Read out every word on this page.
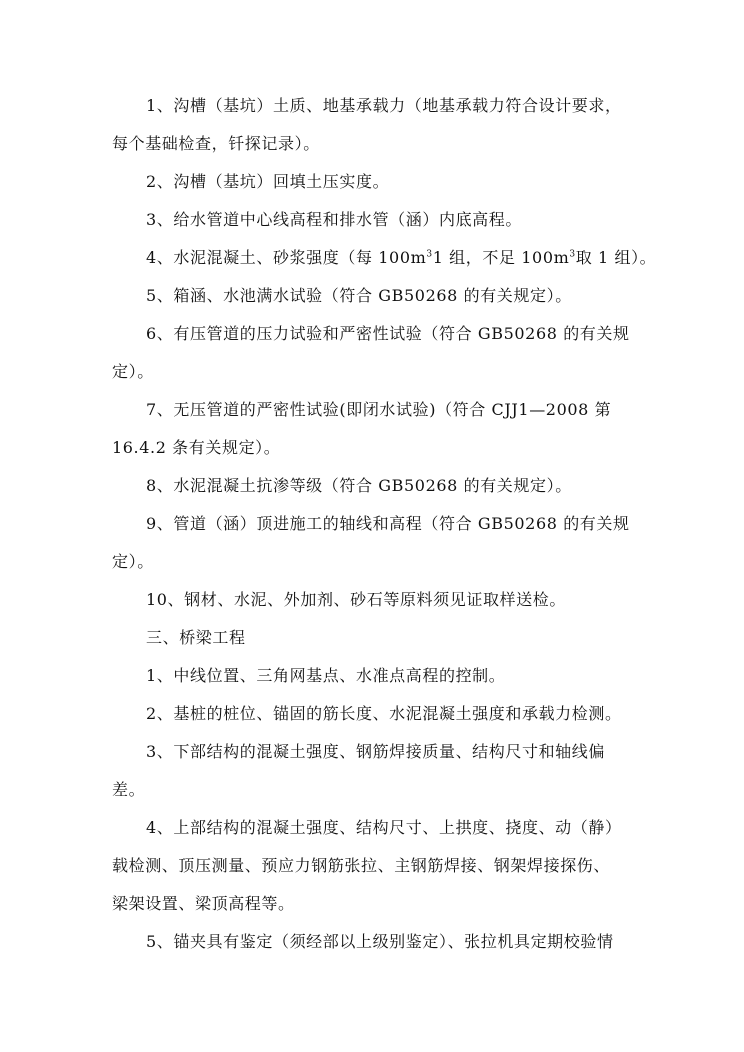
1、沟槽（基坑）土质、地基承载力（地基承载力符合设计要求，
每个基础检查，钎探记录）。
2、沟槽（基坑）回填土压实度。
3、给水管道中心线高程和排水管（涵）内底高程。
4、水泥混凝土、砂浆强度（每 $100m^31$ 组，不足 $100m^3$取 1 组）。
5、箱涵、水池满水试验（符合 GB50268 的有关规定）。
6、有压管道的压力试验和严密性试验（符合 GB50268 的有关规
定）。
7、无压管道的严密性试验(即闭水试验)（符合 CJJ1—2008 第
16.4.2 条有关规定）。
8、水泥混凝土抗渗等级（符合 GB50268 的有关规定）。
9、管道（涵）顶进施工的轴线和高程（符合 GB50268 的有关规
定）。
10、钢材、水泥、外加剂、砂石等原料须见证取样送检。
三、桥梁工程
1、中线位置、三角网基点、水准点高程的控制。
2、基桩的桩位、锚固的筋长度、水泥混凝土强度和承载力检测。
3、下部结构的混凝土强度、钢筋焊接质量、结构尺寸和轴线偏
差。
4、上部结构的混凝土强度、结构尺寸、上拱度、挠度、动（静）
载检测、顶压测量、预应力钢筋张拉、主钢筋焊接、钢架焊接探伤、
梁架设置、梁顶高程等。
5、锚夹具有鉴定（须经部以上级别鉴定）、张拉机具定期校验情
